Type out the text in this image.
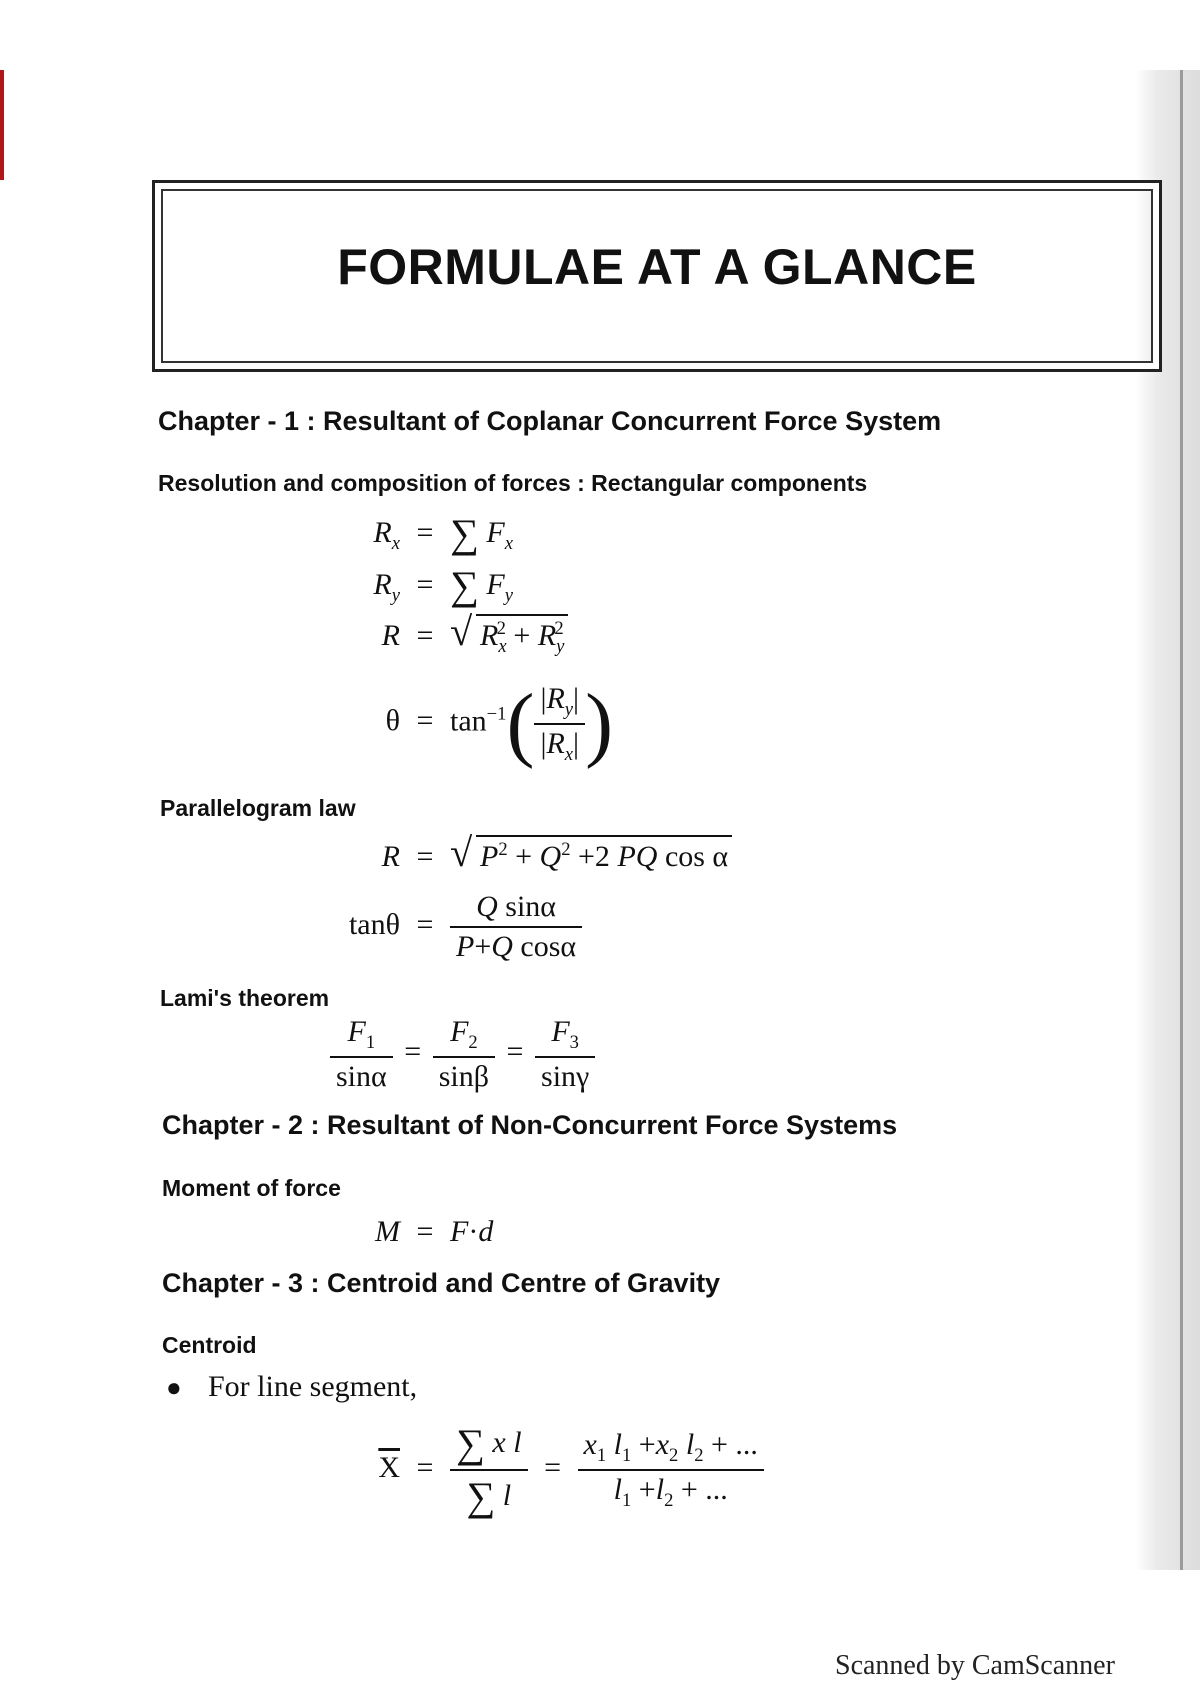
FORMULAE AT A GLANCE
Chapter - 1 : Resultant of Coplanar Concurrent Force System
Resolution and composition of forces : Rectangular components
$R_x$ = ∑ $F_x$
$R_y$ = ∑ $F_y$
R = √ $R_x^2 + R_y^2$
$\theta = \tan^{-1}( \frac{|R_y|}{|R_x|}$ )
Parallelogram law
R = √ $P^2 + Q^2 +2$ PQ cos α
$\tan\theta = \frac{\text{Q sinα}}{\text{P+Q cosα}}$
Lami's theorem
$\frac{F_1}{\sin\alpha} = \frac{F_2}{\sin\beta} = \frac{F_3}{\sin\gamma}$
Chapter - 2 : Resultant of Non-Concurrent Force Systems
Moment of force
M = F·d
Chapter - 3 : Centroid and Centre of Gravity
Centroid
● For line segment,
$\overline{X} = \frac{\text{∑ x l}}{\sum l} = \frac{x_1 l_1 +x_2 l_2 + ...}{l_1 +l_2 + ...}$
Scanned by CamScanner
